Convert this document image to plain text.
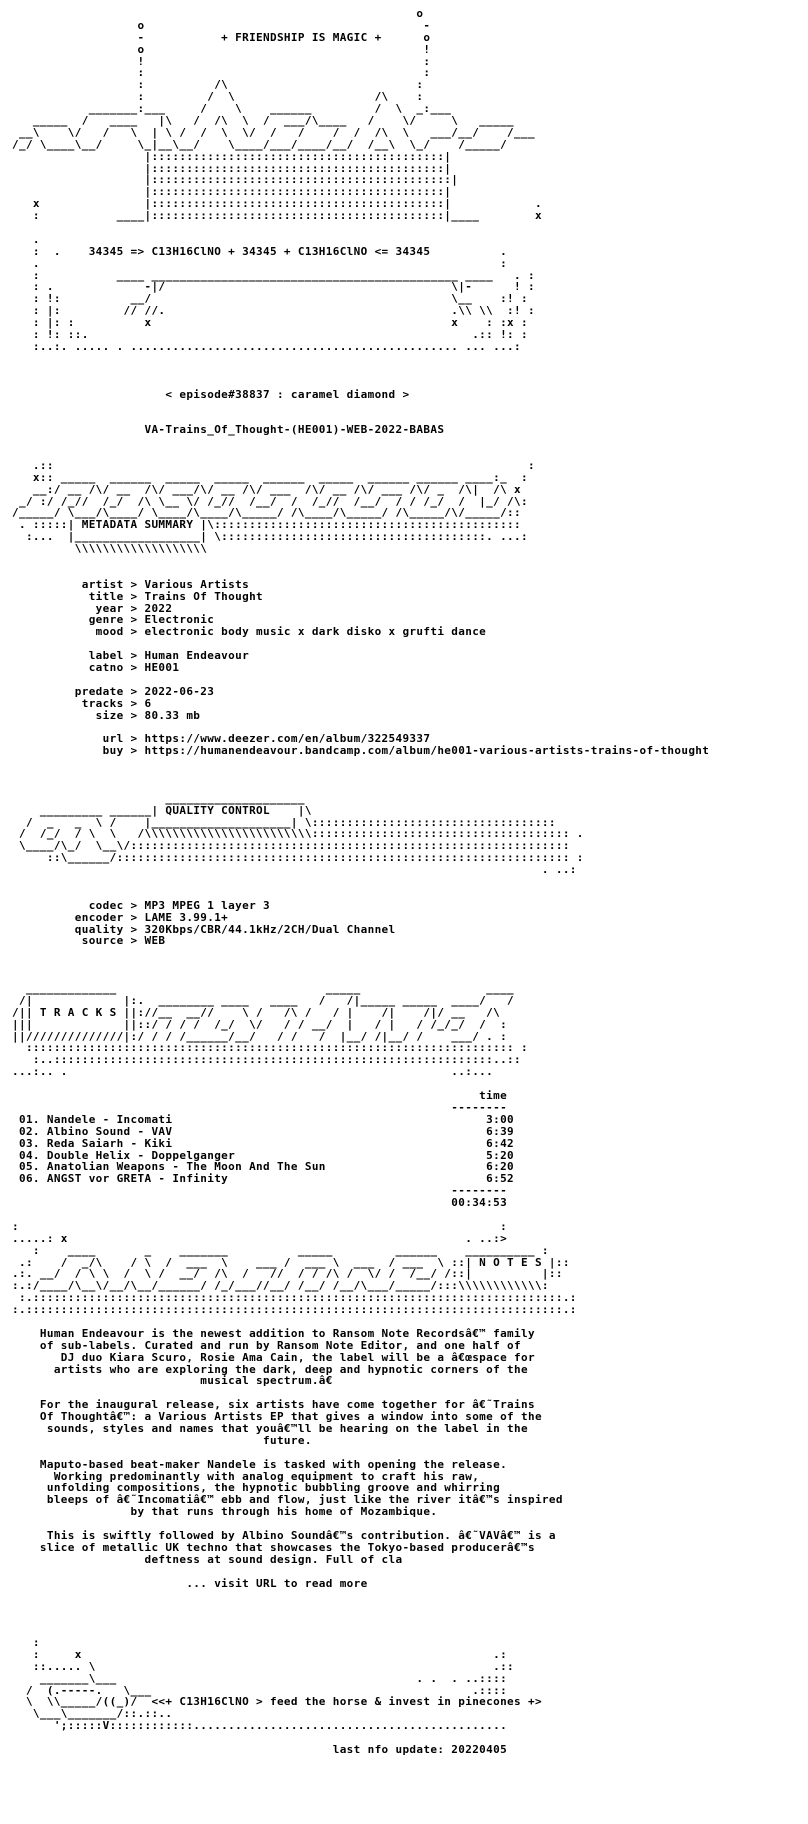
o
o                                        -
-           + FRIENDSHIP IS MAGIC +      o
o                                        !
!                                        :
:                                        :
:          /\                           :
:         /  \                    /\    :
_______:___     /    \    ______         /  \  _:___
_____  /   ____   |\   /  /\  \  /  ___/\____   /    \/     \   _____
__\    \/   /   \  | \ /  /  \  \/  /   /    /  /  /\  \   ___/__/    /___
/_/ \____\__/     \_|__\__/    \____/___/____/__/  /__\  \_/    /_____/
|::::::::::::::::::::::::::::::::::::::::::|
|::::::::::::::::::::::::::::::::::::::::::|
|:::::::::::::::::::::::::::::::::::::::::::|
|::::::::::::::::::::::::::::::::::::::::::|
x               |::::::::::::::::::::::::::::::::::::::::::|            .
:           ____|::::::::::::::::::::::::::::::::::::::::::|____        x

.
:  .    34345 => C13H16ClNO + 34345 + C13H16ClNO <= 34345          .
.                                                                  :
:           ____ ____________________________________________ ____   . :
: .             -|/                                         \|-      ! :
: !:          __/                                           \__    :! :
: |:         // //.                                         .\\ \\  :! :
: |: :          x                                           x    : :x :
: !: ::.                                                       .:: !: :
:..:. ..... . ............................................... ... ...:

< episode#38837 : caramel diamond >

VA-Trains_Of_Thought-(HE001)-WEB-2022-BABAS

.::                                                                    :
x:: _____  ______  _____  _____  ______  _____  ______ ______ ____:_  :
__:/ __ /\/ __  /\/ ___/\/ __ /\/ ___  /\/ __ /\/ ___ /\/ _  /\|  /\ x
_/ :/ /_//  /_/  /\ \__ \/ /_//  /__/  /  /_//  /__/  / / /_/  /  |_/ /\:
/_____/ \___/\____/ \____/\____/\_____/ /\____/\_____/ /\_____/\/_____/::
. :::::| METADATA SUMMARY |\::::::::::::::::::::::::::::::::::::::::::::
:...  |__________________| \::::::::::::::::::::::::::::::::::::::. ...:
\\\\\\\\\\\\\\\\\\\

artist > Various Artists
title > Trains Of Thought
year > 2022
genre > Electronic
mood > electronic body music x dark disko x grufti dance

label > Human Endeavour
catno > HE001

predate > 2022-06-23
tracks > 6
size > 80.33 mb

url > https://www.deezer.com/en/album/322549337
buy > https://humanendeavour.bandcamp.com/album/he001-various-artists-trains-of-thought

____________________
_________ ______| QUALITY CONTROL    |\
/  _   _  \ /    |____________________| \:::::::::::::::::::::::::::::::::::
/  /_/  / \  \   /\\\\\\\\\\\\\\\\\\\\\\\\::::::::::::::::::::::::::::::::::::: .
\____/\_/  \__\/:::::::::::::::::::::::::::::::::::::::::::::::::::::::::::::::
::\______/::::::::::::::::::::::::::::::::::::::::::::::::::::::::::::::::: :
. ..:

codec > MP3 MPEG 1 layer 3
encoder > LAME 3.99.1+
quality > 320Kbps/CBR/44.1kHz/2CH/Dual Channel
source > WEB

_____________                              _____                  ____
/|             |:.  ________ ____   ____   /   /|_____ _____  ____/   /
/|| T R A C K S ||://__  __//    \ /   /\ /   / |    /|    /|/ __   /\
|||             ||::/ / / /  /_/  \/   / / __/  |   / |   / /_/_/  /  :
||//////////////|:/ / / /______/__/   / /   /  |__/ /|__/ /    ___/ . :
:::::::::::::::::::::::::::::::::::::::::::::::::::::::::::::::::::::: :
:..:::::::::::::::::::::::::::::::::::::::::::::::::::::::::::::::..::
...:.. .                                                       ..:...

time
--------
01. Nandele - Incomati                                             3:00
02. Albino Sound - VAV                                             6:39
03. Reda Saiarh - Kiki                                             6:42
04. Double Helix - Doppelganger                                    5:20
05. Anatolian Weapons - The Moon And The Sun                       6:20
06. ANGST vor GRETA - Infinity                                     6:52
--------
00:34:53

:                                                                     :
.....: x                                                         . ..:>
:    ____       _    _______          _____         ______    __________ :
.:    /  _/\    / \  /  ___  \    ___ /  ___ \  ___  / ___  \ ::| N O T E S |::
.:. __/  / \ \  /  \ /  __/  /\  /   //  / / /\ /  \/ /  /__/ /::|          |::
:.:/____/\__\/__/\__/______/ /_/___//__/ /__/ /__/\___/_____/:::\\\\\\\\\\\\:
:.::::::::::::::::::::::::::::::::::::::::::::::::::::::::::::::::::::::::::::.:
:.:::::::::::::::::::::::::::::::::::::::::::::::::::::::::::::::::::::::::::::.:

Human Endeavour is the newest addition to Ransom Note Recordsâ€™ family
of sub-labels. Curated and run by Ransom Note Editor, and one half of
DJ duo Kiara Scuro, Rosie Ama Cain, the label will be a â€œspace for
artists who are exploring the dark, deep and hypnotic corners of the
musical spectrum.â€

For the inaugural release, six artists have come together for â€˜Trains
Of Thoughtâ€™: a Various Artists EP that gives a window into some of the
sounds, styles and names that youâ€™ll be hearing on the label in the
future.

Maputo-based beat-maker Nandele is tasked with opening the release.
Working predominantly with analog equipment to craft his raw,
unfolding compositions, the hypnotic bubbling groove and whirring
bleeps of â€˜Incomatiâ€™ ebb and flow, just like the river itâ€™s inspired
by that runs through his home of Mozambique.

This is swiftly followed by Albino Soundâ€™s contribution. â€˜VAVâ€™ is a
slice of metallic UK techno that showcases the Tokyo-based producerâ€™s
deftness at sound design. Full of cla

... visit URL to read more

:
:     x                                                           .:
::..... \                                                         .::
_______\___                                           . .  . ..::::
/  (.-----.   \___                                              .::::
\  \\_____/((_)/  <<+ C13H16ClNO > feed the horse & invest in pinecones +>
\___\_______/::.::..
';:::::V::::::::::::.............................................

last nfo update: 20220405
